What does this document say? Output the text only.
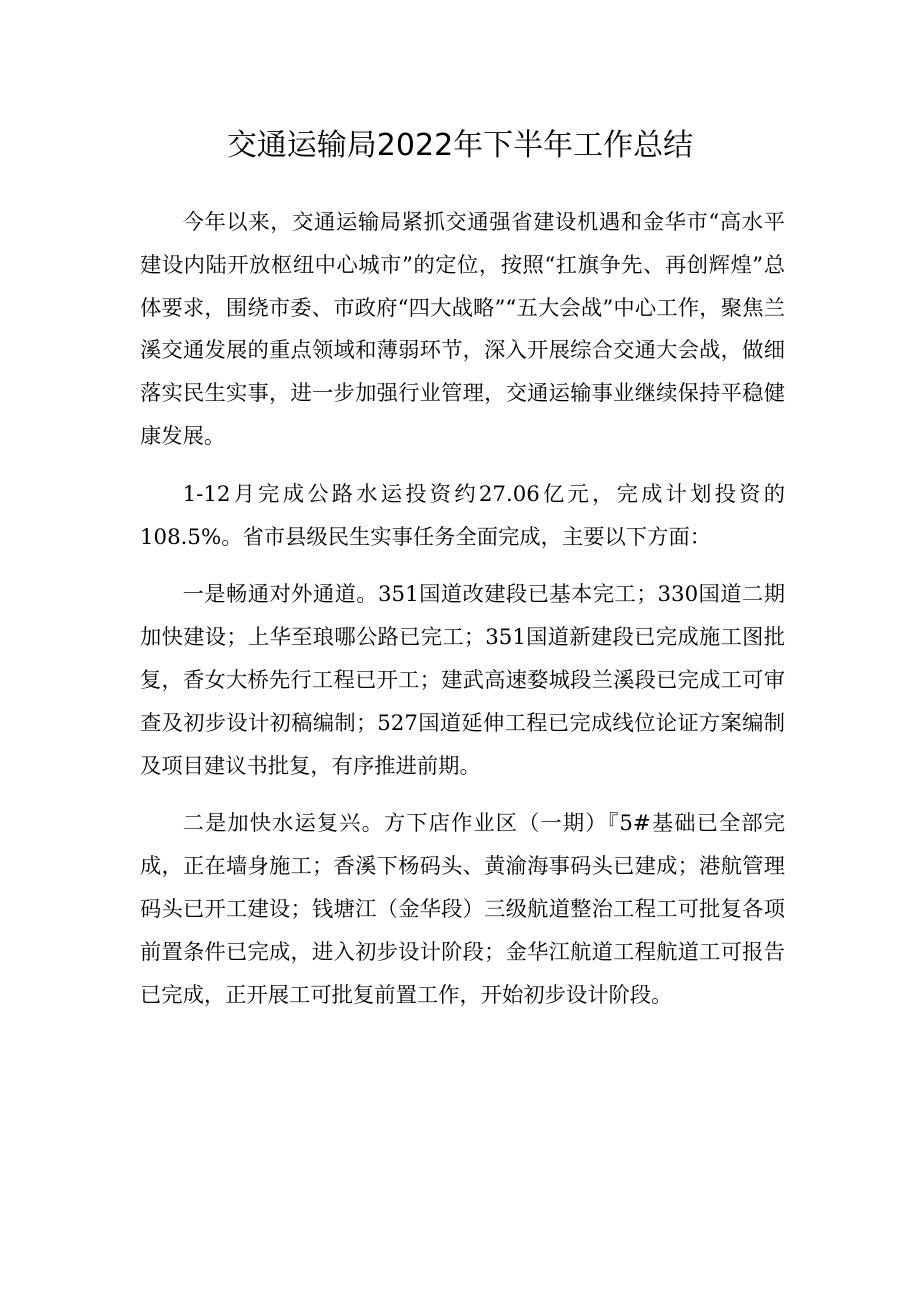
交通运输局2022年下半年工作总结

今年以来，交通运输局紧抓交通强省建设机遇和金华市“高水平建设内陆开放枢纽中心城市”的定位，按照“扛旗争先、再创辉煌”总体要求，围绕市委、市政府“四大战略”“五大会战”中心工作，聚焦兰溪交通发展的重点领域和薄弱环节，深入开展综合交通大会战，做细落实民生实事，进一步加强行业管理，交通运输事业继续保持平稳健康发展。

1-12月完成公路水运投资约27.06亿元，完成计划投资的108.5%。省市县级民生实事任务全面完成，主要以下方面：

一是畅通对外通道。351国道改建段已基本完工；330国道二期加快建设；上华至琅哪公路已完工；351国道新建段已完成施工图批复，香女大桥先行工程已开工；建武高速婺城段兰溪段已完成工可审查及初步设计初稿编制；527国道延伸工程已完成线位论证方案编制及项目建议书批复，有序推进前期。

二是加快水运复兴。方下店作业区（一期）『5#基础已全部完成，正在墙身施工；香溪下杨码头、黄渝海事码头已建成；港航管理码头已开工建设；钱塘江（金华段）三级航道整治工程工可批复各项前置条件已完成，进入初步设计阶段；金华江航道工程航道工可报告已完成，正开展工可批复前置工作，开始初步设计阶段。
